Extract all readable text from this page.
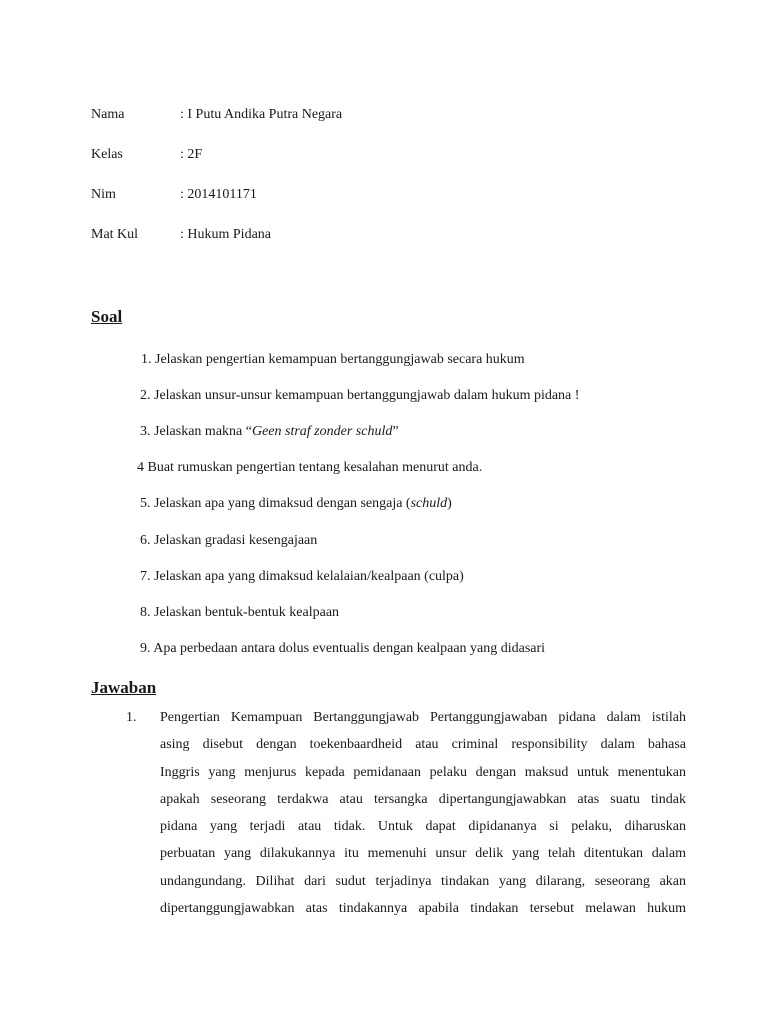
Nama	: I Putu Andika Putra Negara
Kelas	: 2F
Nim	: 2014101171
Mat Kul	: Hukum Pidana
Soal
1. Jelaskan pengertian kemampuan bertanggungjawab secara hukum
2. Jelaskan unsur-unsur kemampuan bertanggungjawab dalam hukum pidana !
3. Jelaskan makna “Geen straf zonder schuld”
4 Buat rumuskan pengertian tentang kesalahan menurut anda.
5. Jelaskan apa yang dimaksud dengan sengaja (schuld)
6. Jelaskan gradasi kesengajaan
7. Jelaskan apa yang dimaksud kelalaian/kealpaan (culpa)
8. Jelaskan bentuk-bentuk kealpaan
9. Apa perbedaan antara dolus eventualis dengan kealpaan yang didasari
Jawaban
1. Pengertian Kemampuan Bertanggungjawab Pertanggungjawaban pidana dalam istilah
asing disebut dengan toekenbaardheid atau criminal responsibility dalam bahasa
Inggris yang menjurus kepada pemidanaan pelaku dengan maksud untuk menentukan
apakah seseorang terdakwa atau tersangka dipertangungjawabkan atas suatu tindak
pidana yang terjadi atau tidak. Untuk dapat dipidananya si pelaku, diharuskan
perbuatan yang dilakukannya itu memenuhi unsur delik yang telah ditentukan dalam
undangundang. Dilihat dari sudut terjadinya tindakan yang dilarang, seseorang akan
dipertanggungjawabkan atas tindakannya apabila tindakan tersebut melawan hukum
